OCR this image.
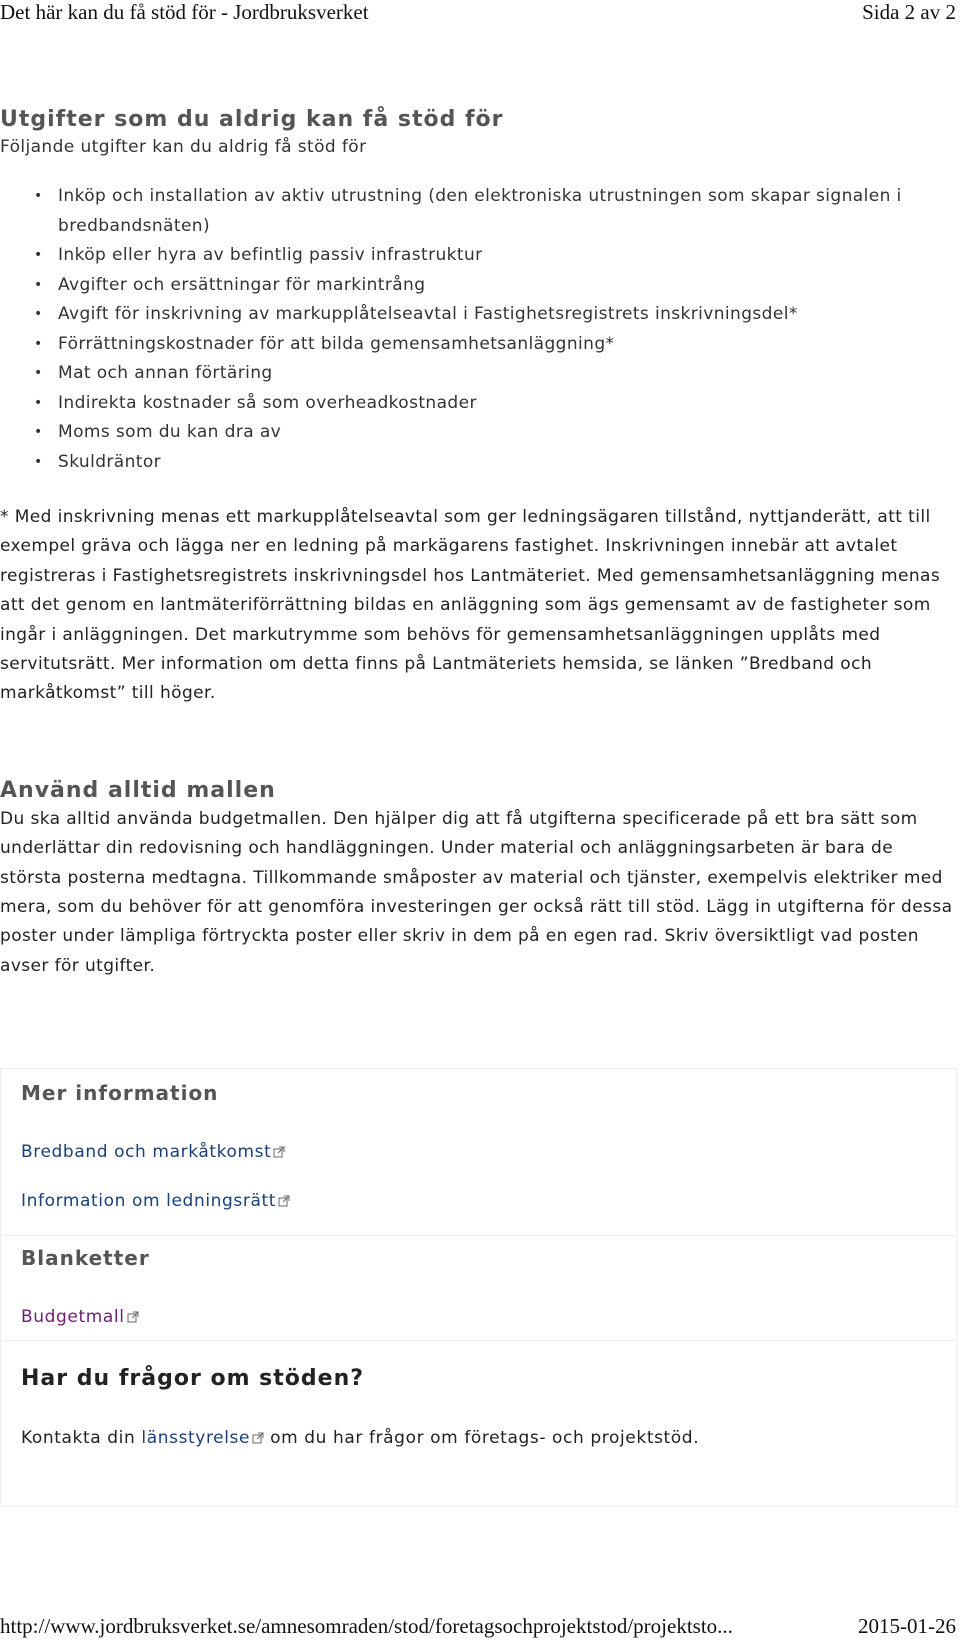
Det här kan du få stöd för - Jordbruksverket	Sida 2 av 2
Utgifter som du aldrig kan få stöd för

Följande utgifter kan du aldrig få stöd för

• Inköp och installation av aktiv utrustning (den elektroniska utrustningen som skapar signalen i bredbandsnäten)
• Inköp eller hyra av befintlig passiv infrastruktur
• Avgifter och ersättningar för markintrång
• Avgift för inskrivning av markupplåtelseavtal i Fastighetsregistrets inskrivningsdel*
• Förrättningskostnader för att bilda gemensamhetsanläggning*
• Mat och annan förtäring
• Indirekta kostnader så som overheadkostnader
• Moms som du kan dra av
• Skuldräntor

* Med inskrivning menas ett markupplåtelseavtal som ger ledningsägaren tillstånd, nyttjanderätt, att till exempel gräva och lägga ner en ledning på markägarens fastighet. Inskrivningen innebär att avtalet registreras i Fastighetsregistrets inskrivningsdel hos Lantmäteriet. Med gemensamhetsanläggning menas att det genom en lantmäteriförrättning bildas en anläggning som ägs gemensamt av de fastigheter som ingår i anläggningen. Det markutrymme som behövs för gemensamhetsanläggningen upplåts med servitutsrätt. Mer information om detta finns på Lantmäteriets hemsida, se länken ”Bredband och markåtkomst” till höger.

Använd alltid mallen

Du ska alltid använda budgetmallen. Den hjälper dig att få utgifterna specificerade på ett bra sätt som underlättar din redovisning och handläggningen. Under material och anläggningsarbeten är bara de största posterna medtagna. Tillkommande småposter av material och tjänster, exempelvis elektriker med mera, som du behöver för att genomföra investeringen ger också rätt till stöd. Lägg in utgifterna för dessa poster under lämpliga förtryckta poster eller skriv in dem på en egen rad. Skriv översiktligt vad posten avser för utgifter.

Mer information
Bredband och markåtkomst
Information om ledningsrätt
Blanketter
Budgetmall
Har du frågor om stöden?
Kontakta din länsstyrelse om du har frågor om företags- och projektstöd.
http://www.jordbruksverket.se/amnesomraden/stod/foretagsochprojektstod/projektsto...	2015-01-26
